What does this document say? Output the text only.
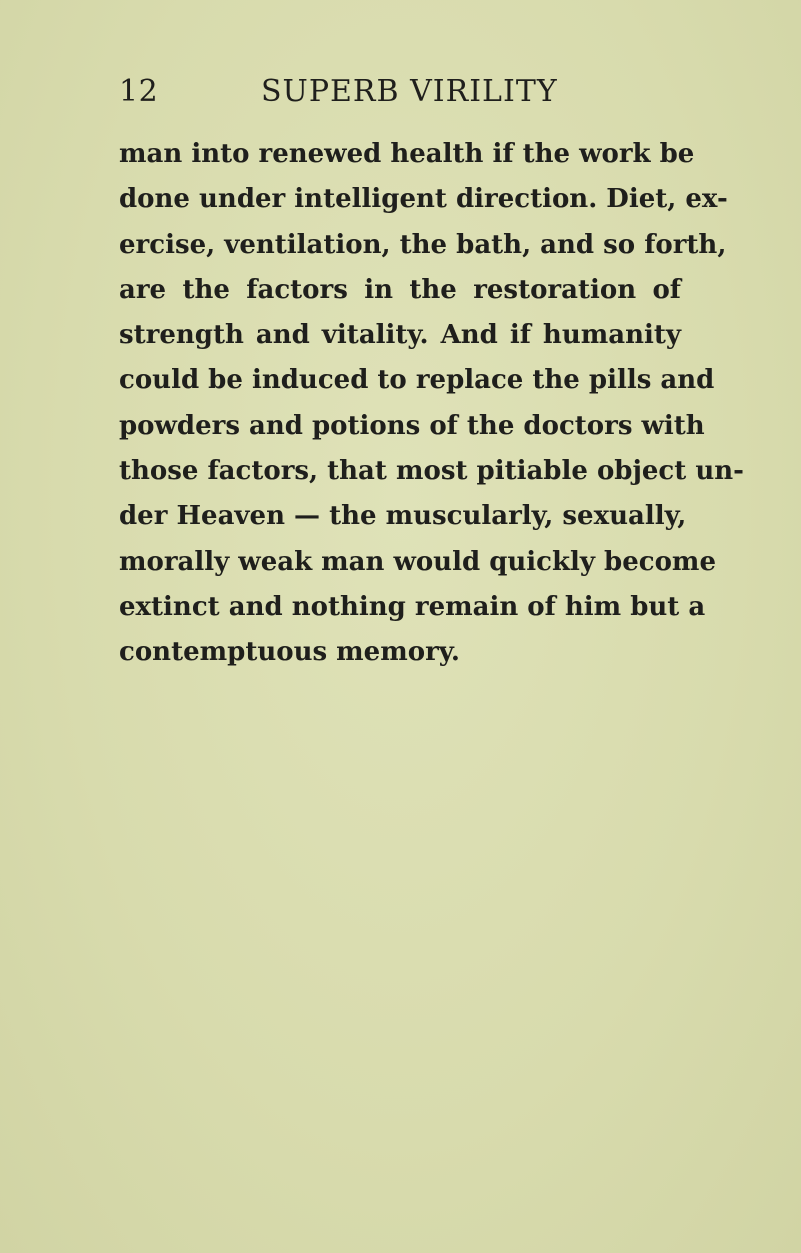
12	SUPERB VIRILITY
man into renewed health if the work be
done under intelligent direction. Diet, ex-
ercise, ventilation, the bath, and so forth,
are the factors in the restoration of
strength and vitality. And if humanity
could be induced to replace the pills and
powders and potions of the doctors with
those factors, that most pitiable object un-
der Heaven — the muscularly, sexually,
morally weak man would quickly become
extinct and nothing remain of him but a
contemptuous memory.
